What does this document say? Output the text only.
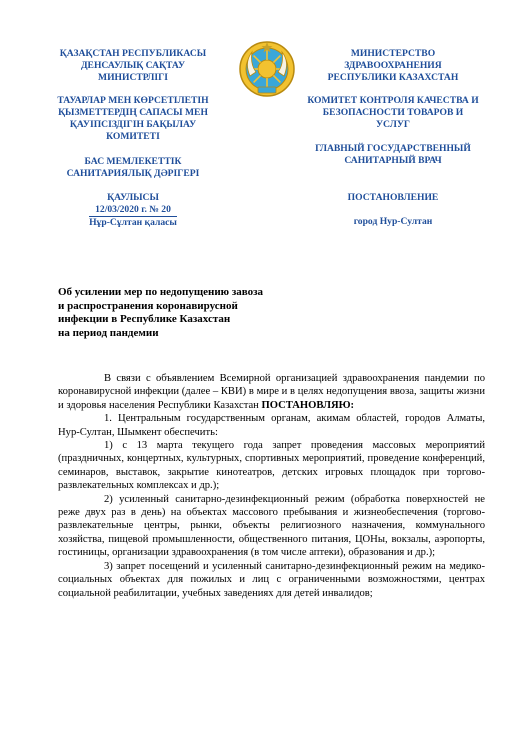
ҚАЗАҚСТАН РЕСПУБЛИКАСЫ
ДЕНСАУЛЫҚ САҚТАУ
МИНИСТРЛІГІ
ТАУАРЛАР МЕН КӨРСЕТІЛЕТІН
ҚЫЗМЕТТЕРДІҢ САПАСЫ МЕН
ҚАУІПСІЗДІГІН БАҚЫЛАУ
КОМИТЕТІ
БАС МЕМЛЕКЕТТІК
САНИТАРИЯЛЫҚ ДӘРІГЕРІ
МИНИСТЕРСТВО
ЗДРАВООХРАНЕНИЯ
РЕСПУБЛИКИ КАЗАХСТАН
КОМИТЕТ КОНТРОЛЯ КАЧЕСТВА И
БЕЗОПАСНОСТИ ТОВАРОВ И
УСЛУГ
ГЛАВНЫЙ ГОСУДАРСТВЕННЫЙ
САНИТАРНЫЙ ВРАЧ
ҚАУЛЫСЫ
12/03/2020 г. № 20
Нұр-Сұлтан қаласы
ПОСТАНОВЛЕНИЕ

город Нур-Султан
Об усилении мер по недопущению завоза
и распространения коронавирусной
инфекции в Республике Казахстан
на период пандемии

В связи с объявлением Всемирной организацией здравоохранения пандемии по коронавирусной инфекции (далее – КВИ) в мире и в целях недопущения ввоза, защиты жизни и здоровья населения Республики Казахстан ПОСТАНОВЛЯЮ:

1. Центральным государственным органам, акимам областей, городов Алматы, Нур-Султан, Шымкент обеспечить:

1) с 13 марта текущего года запрет проведения массовых мероприятий (праздничных, концертных, культурных, спортивных мероприятий, проведение конференций, семинаров, выставок, закрытие кинотеатров, детских игровых площадок при торгово-развлекательных комплексах и др.);

2) усиленный санитарно-дезинфекционный режим (обработка поверхностей не реже двух раз в день) на объектах массового пребывания и жизнеобеспечения (торгово-развлекательные центры, рынки, объекты религиозного назначения, коммунального хозяйства, пищевой промышленности, общественного питания, ЦОНы, вокзалы, аэропорты, гостиницы, организации здравоохранения (в том числе аптеки), образования и др.);

3) запрет посещений и усиленный санитарно-дезинфекционный режим на медико-социальных объектах для пожилых и лиц с ограниченными возможностями, центрах социальной реабилитации, учебных заведениях для детей инвалидов;
